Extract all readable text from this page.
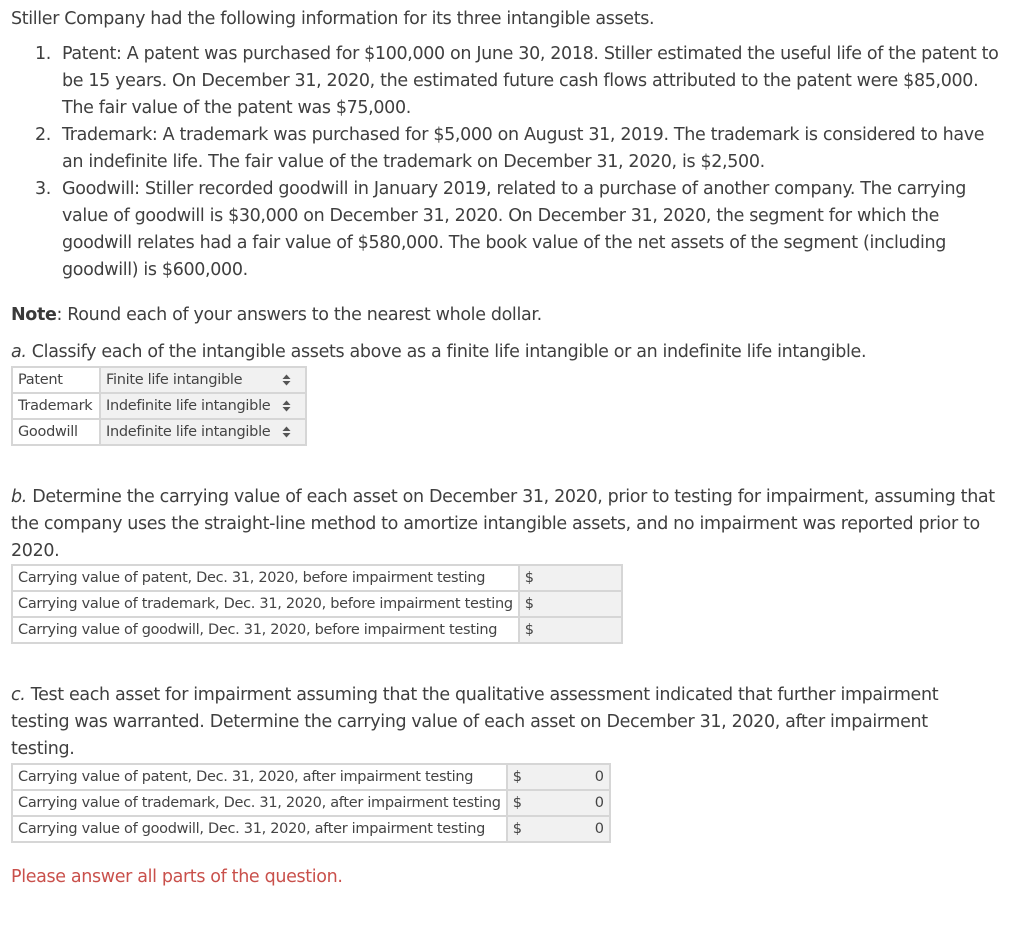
Stiller Company had the following information for its three intangible assets.
1. Patent: A patent was purchased for $100,000 on June 30, 2018. Stiller estimated the useful life of the patent to be 15 years. On December 31, 2020, the estimated future cash flows attributed to the patent were $85,000. The fair value of the patent was $75,000.
2. Trademark: A trademark was purchased for $5,000 on August 31, 2019. The trademark is considered to have an indefinite life. The fair value of the trademark on December 31, 2020, is $2,500.
3. Goodwill: Stiller recorded goodwill in January 2019, related to a purchase of another company. The carrying value of goodwill is $30,000 on December 31, 2020. On December 31, 2020, the segment for which the goodwill relates had a fair value of $580,000. The book value of the net assets of the segment (including goodwill) is $600,000.
Note: Round each of your answers to the nearest whole dollar.
a. Classify each of the intangible assets above as a finite life intangible or an indefinite life intangible.
Patent	Finite life intangible

Trademark	Indefinite life intangible

Goodwill	Indefinite life intangible
b. Determine the carrying value of each asset on December 31, 2020, prior to testing for impairment, assuming that the company uses the straight-line method to amortize intangible assets, and no impairment was reported prior to 2020.
Carrying value of patent, Dec. 31, 2020, before impairment testing	$

Carrying value of trademark, Dec. 31, 2020, before impairment testing	$

Carrying value of goodwill, Dec. 31, 2020, before impairment testing	$
c. Test each asset for impairment assuming that the qualitative assessment indicated that further impairment testing was warranted. Determine the carrying value of each asset on December 31, 2020, after impairment testing.
Carrying value of patent, Dec. 31, 2020, after impairment testing	$ 0

Carrying value of trademark, Dec. 31, 2020, after impairment testing	$ 0

Carrying value of goodwill, Dec. 31, 2020, after impairment testing	$ 0
Please answer all parts of the question.
